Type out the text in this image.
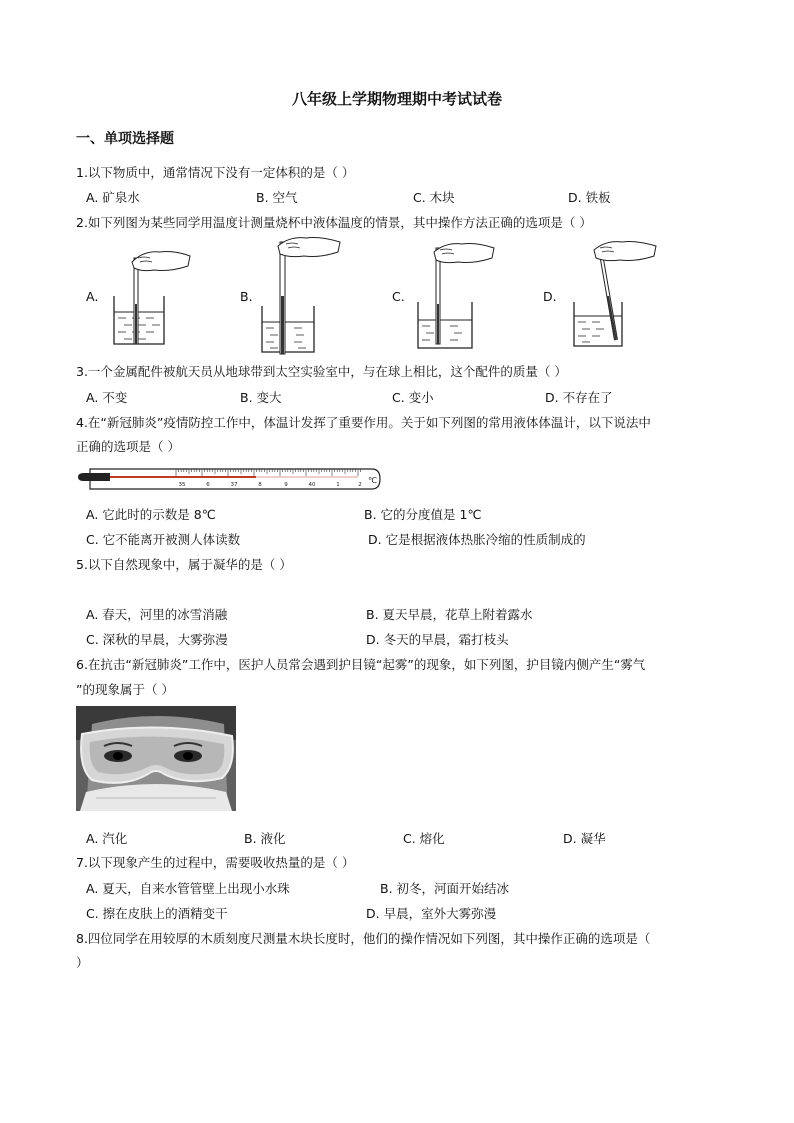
八年级上学期物理期中考试试卷
一、单项选择题
1.以下物质中，通常情况下没有一定体积的是（ ）
A. 矿泉水	B. 空气	C. 木块	D. 铁板
2.如下列图为某些同学用温度计测量烧杯中液体温度的情景，其中操作方法正确的选项是（ ）
A.	B.	C.	D.
3.一个金属配件被航天员从地球带到太空实验室中，与在球上相比，这个配件的质量（ ）
A. 不变	B. 变大	C. 变小	D. 不存在了
4.在“新冠肺炎”疫情防控工作中，体温计发挥了重要作用。关于如下列图的常用液体体温计，以下说法中
正确的选项是（ ）
35	6	37	8	9	40	1	2 ℃
A. 它此时的示数是 8℃	B. 它的分度值是 1℃
C. 它不能离开被测人体读数	D. 它是根据液体热胀冷缩的性质制成的
5.以下自然现象中，属于凝华的是（ ）
A. 春天，河里的冰雪消融	B. 夏天早晨，花草上附着露水
C. 深秋的早晨，大雾弥漫	D. 冬天的早晨，霜打枝头
6.在抗击“新冠肺炎”工作中，医护人员常会遇到护目镜“起雾”的现象，如下列图，护目镜内侧产生“雾气
”的现象属于（ ）
A. 汽化	B. 液化	C. 熔化	D. 凝华
7.以下现象产生的过程中，需要吸收热量的是（ ）
A. 夏天，自来水管管壁上出现小水珠	B. 初冬，河面开始结冰
C. 擦在皮肤上的酒精变干	D. 早晨，室外大雾弥漫
8.四位同学在用较厚的木质刻度尺测量木块长度时，他们的操作情况如下列图，其中操作正确的选项是（
）
